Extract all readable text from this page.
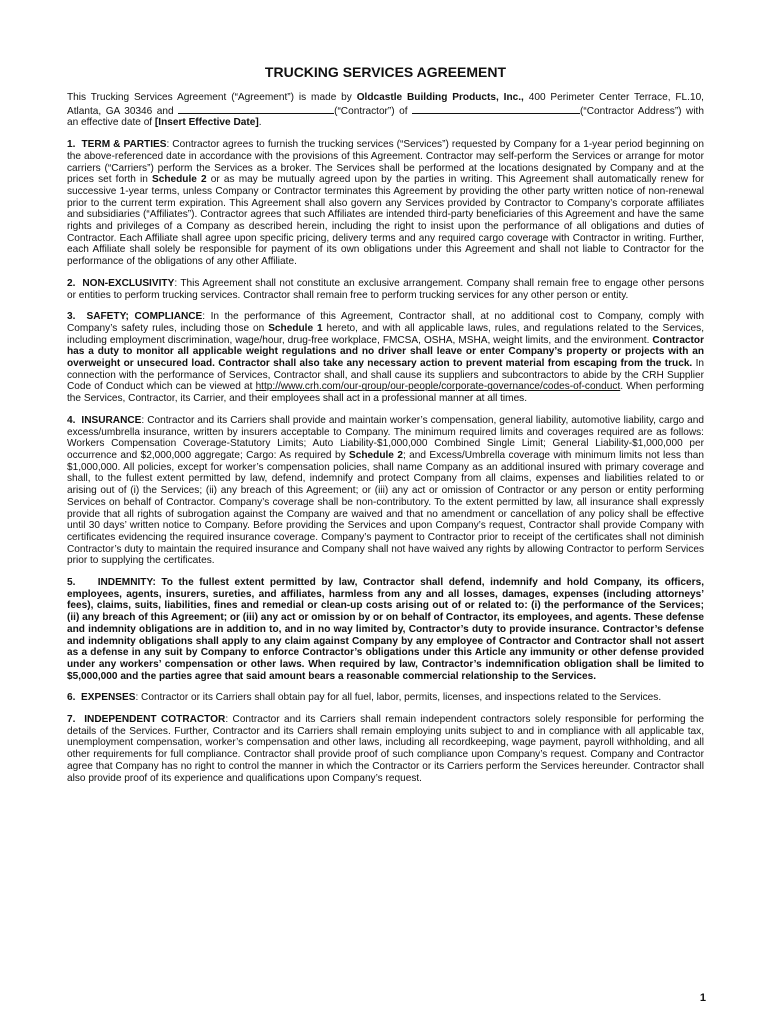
TRUCKING SERVICES AGREEMENT

This Trucking Services Agreement (“Agreement”) is made by Oldcastle Building Products, Inc., 400 Perimeter Center Terrace, FL.10, Atlanta, GA 30346 and	(“Contractor”) of	(“Contractor Address”) with an effective date of [Insert Effective Date].

1. TERM & PARTIES: Contractor agrees to furnish the trucking services (“Services”) requested by Company for a 1-year period beginning on the above-referenced date in accordance with the provisions of this Agreement. Contractor may self-perform the Services or arrange for motor carriers (“Carriers”) perform the Services as a broker. The Services shall be performed at the locations designated by Company and at the prices set forth in Schedule 2 or as may be mutually agreed upon by the parties in writing. This Agreement shall automatically renew for successive 1-year terms, unless Company or Contractor terminates this Agreement by providing the other party written notice of non-renewal prior to the current term expiration. This Agreement shall also govern any Services provided by Contractor to Company’s corporate affiliates and subsidiaries (“Affiliates”). Contractor agrees that such Affiliates are intended third-party beneficiaries of this Agreement and have the same rights and privileges of a Company as described herein, including the right to insist upon the performance of all obligations and duties of Contractor. Each Affiliate shall agree upon specific pricing, delivery terms and any required cargo coverage with Contractor in writing. Further, each Affiliate shall solely be responsible for payment of its own obligations under this Agreement and shall not liable to Contractor for the performance of the obligations of any other Affiliate.

2. NON-EXCLUSIVITY: This Agreement shall not constitute an exclusive arrangement. Company shall remain free to engage other persons or entities to perform trucking services. Contractor shall remain free to perform trucking services for any other person or entity.

3. SAFETY; COMPLIANCE: In the performance of this Agreement, Contractor shall, at no additional cost to Company, comply with Company’s safety rules, including those on Schedule 1 hereto, and with all applicable laws, rules, and regulations related to the Services, including employment discrimination, wage/hour, drug-free workplace, FMCSA, OSHA, MSHA, weight limits, and the environment. Contractor has a duty to monitor all applicable weight regulations and no driver shall leave or enter Company’s property or projects with an overweight or unsecured load. Contractor shall also take any necessary action to prevent material from escaping from the truck. In connection with the performance of Services, Contractor shall, and shall cause its suppliers and subcontractors to abide by the CRH Supplier Code of Conduct which can be viewed at http://www.crh.com/our-group/our-people/corporate-governance/codes-of-conduct. When performing the Services, Contractor, its Carrier, and their employees shall act in a professional manner at all times.

4. INSURANCE: Contractor and its Carriers shall provide and maintain worker’s compensation, general liability, automotive liability, cargo and excess/umbrella insurance, written by insurers acceptable to Company. The minimum required limits and coverages required are as follows: Workers Compensation Coverage-Statutory Limits; Auto Liability-$1,000,000 Combined Single Limit; General Liability-$1,000,000 per occurrence and $2,000,000 aggregate; Cargo: As required by Schedule 2; and Excess/Umbrella coverage with minimum limits not less than $1,000,000. All policies, except for worker’s compensation policies, shall name Company as an additional insured with primary coverage and shall, to the fullest extent permitted by law, defend, indemnify and protect Company from all claims, expenses and liabilities related to or arising out of (i) the Services; (ii) any breach of this Agreement; or (iii) any act or omission of Contractor or any person or entity performing Services on behalf of Contractor. Company’s coverage shall be non-contributory. To the extent permitted by law, all insurance shall expressly provide that all rights of subrogation against the Company are waived and that no amendment or cancellation of any policy shall be effective until 30 days’ written notice to Company. Before providing the Services and upon Company’s request, Contractor shall provide Company with certificates evidencing the required insurance coverage. Company’s payment to Contractor prior to receipt of the certificates shall not diminish Contractor’s duty to maintain the required insurance and Company shall not have waived any rights by allowing Contractor to perform Services prior to supplying the certificates.

5. INDEMNITY: To the fullest extent permitted by law, Contractor shall defend, indemnify and hold Company, its officers, employees, agents, insurers, sureties, and affiliates, harmless from any and all losses, damages, expenses (including attorneys’ fees), claims, suits, liabilities, fines and remedial or clean-up costs arising out of or related to: (i) the performance of the Services; (ii) any breach of this Agreement; or (iii) any act or omission by or on behalf of Contractor, its employees, and agents. These defense and indemnity obligations are in addition to, and in no way limited by, Contractor’s duty to provide insurance. Contractor’s defense and indemnity obligations shall apply to any claim against Company by any employee of Contractor and Contractor shall not assert as a defense in any suit by Company to enforce Contractor’s obligations under this Article any immunity or other defense provided under any workers’ compensation or other laws. When required by law, Contractor’s indemnification obligation shall be limited to $5,000,000 and the parties agree that said amount bears a reasonable commercial relationship to the Services.

6. EXPENSES: Contractor or its Carriers shall obtain pay for all fuel, labor, permits, licenses, and inspections related to the Services.

7. INDEPENDENT COTRACTOR: Contractor and its Carriers shall remain independent contractors solely responsible for performing the details of the Services. Further, Contractor and its Carriers shall remain employing units subject to and in compliance with all applicable tax, unemployment compensation, worker’s compensation and other laws, including all recordkeeping, wage payment, payroll withholding, and all other requirements for full compliance. Contractor shall provide proof of such compliance upon Company’s request. Company and Contractor agree that Company has no right to control the manner in which the Contractor or its Carriers perform the Services hereunder. Contractor shall also provide proof of its experience and qualifications upon Company’s request.

1
